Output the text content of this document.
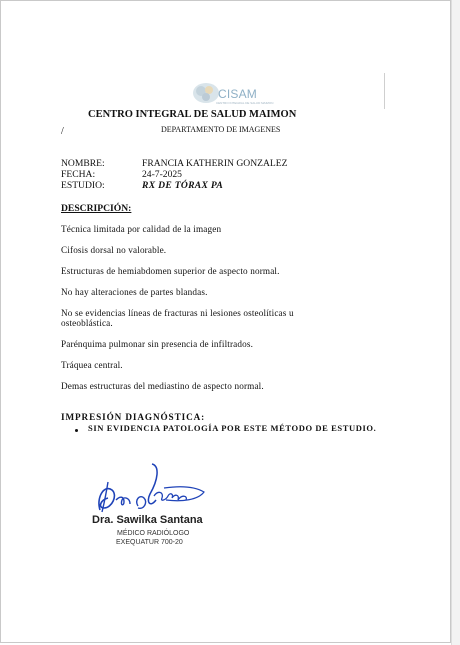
CISAM
CENTRO INTEGRAL DE SALUD MAIMON
CENTRO INTEGRAL DE SALUD MAIMON
/	DEPARTAMENTO DE IMAGENES
NOMBRE:	FRANCIA KATHERIN GONZALEZ
FECHA:	24-7-2025
ESTUDIO:	RX DE TÓRAX PA
DESCRIPCIÓN:
Técnica limitada por calidad de la imagen
Cifosis dorsal no valorable.
Estructuras de hemiabdomen superior de aspecto normal.
No hay alteraciones de partes blandas.
No se evidencias líneas de fracturas ni lesiones osteolíticas u
osteoblástica.
Parénquima pulmonar sin presencia de infiltrados.
Tráquea central.
Demas estructuras del mediastino de aspecto normal.
IMPRESIÓN DIAGNÓSTICA:
SIN EVIDENCIA PATOLOGÍA POR ESTE MÉTODO DE ESTUDIO.
Dra. Sawilka Santana
MÉDICO RADIÓLOGO
EXEQUATUR 700-20
